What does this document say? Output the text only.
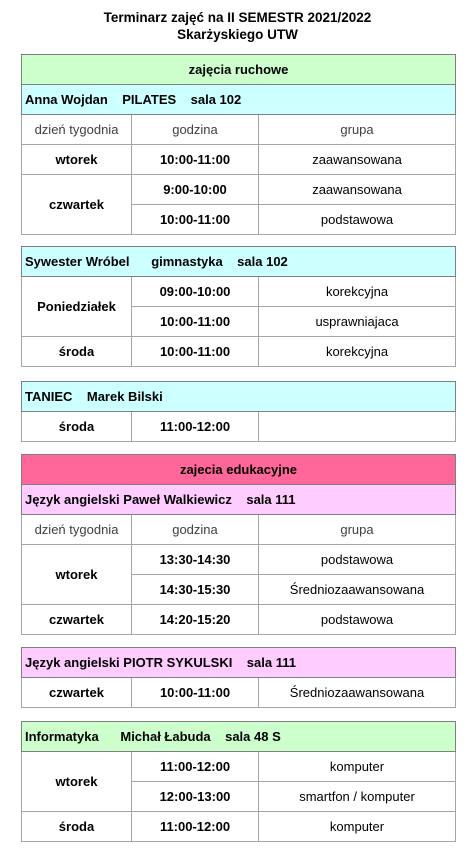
Terminarz zajęć na II SEMESTR 2021/2022
Skarżyskiego UTW
zajęcia ruchowe		
Anna Wojdan    PILATES    sala 102		
dzień tygodnia	godzina	grupa
wtorek	10:00-11:00	zaawansowana
czwartek	9:00-10:00	zaawansowana
	10:00-11:00	podstawowa
Sywester Wróbel      gimnastyka    sala 102		
Poniedziałek	09:00-10:00	korekcyjna
	10:00-11:00	usprawniajaca
środa	10:00-11:00	korekcyjna
TANIEC    Marek Bilski
środa	11:00-12:00	
zajecia edukacyjne		
Język angielski Paweł Walkiewicz    sala 111		
dzień tygodnia	godzina	grupa
wtorek	13:30-14:30	podstawowa
	14:30-15:30	Średniozaawansowana
czwartek	14:20-15:20	podstawowa
Język angielski PIOTR SYKULSKI    sala 111
czwartek	10:00-11:00	Średniozaawansowana
Informatyka      Michał Łabuda    sala 48 S		
wtorek	11:00-12:00	komputer
	12:00-13:00	smartfon / komputer
środa	11:00-12:00	komputer
